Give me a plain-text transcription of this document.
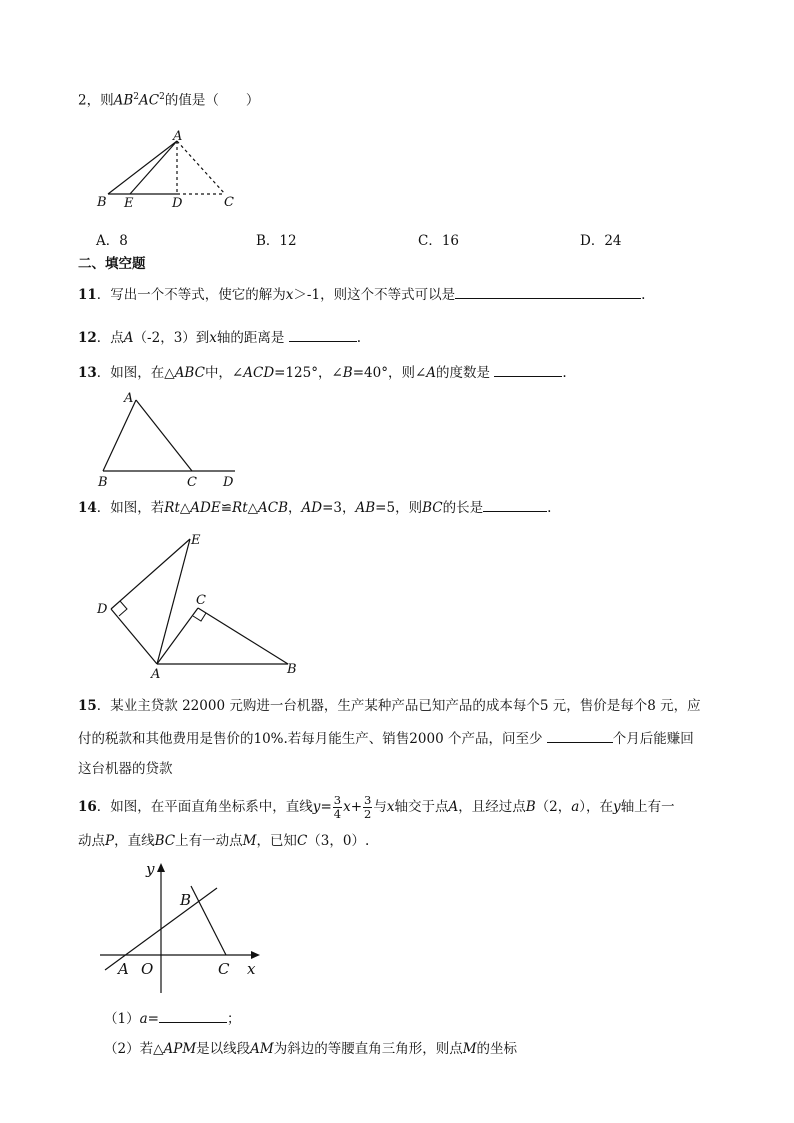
2，则$AB^2AC^2$的值是（　　）
A
B E	D	C
A．8	B．12	C．16	D．24
二、填空题
11．写出一个不等式，使它的解为x＞-1，则这个不等式可以是	.
12．点A（-2，3）到x轴的距离是	.
13．如图，在△ABC中，∠ACD=125°，∠B=40°，则∠A的度数是	.
A
B	C D
14．如图，若Rt△ADE≌Rt△ACB，AD=3，AB=5，则BC的长是	.
E
D
C
A	B
15．某业主贷款 22000 元购进一台机器，生产某种产品已知产品的成本每个5 元，售价是每个8 元，应
付的税款和其他费用是售价的10%.若每月能生产、销售2000 个产品，问至少	个月后能赚回
这台机器的贷款
16．如图，在平面直角坐标系中，直线$y= \frac{3}{4} x+ \frac{3}{2}$ 与x轴交于点A，且经过点B（2，a），在y轴上有一
动点P，直线BC上有一动点M，已知C（3，0）.
y
x
B
A O	C
（1）a=	；
（2）若△APM是以线段AM为斜边的等腰直角三角形，则点M的坐标
